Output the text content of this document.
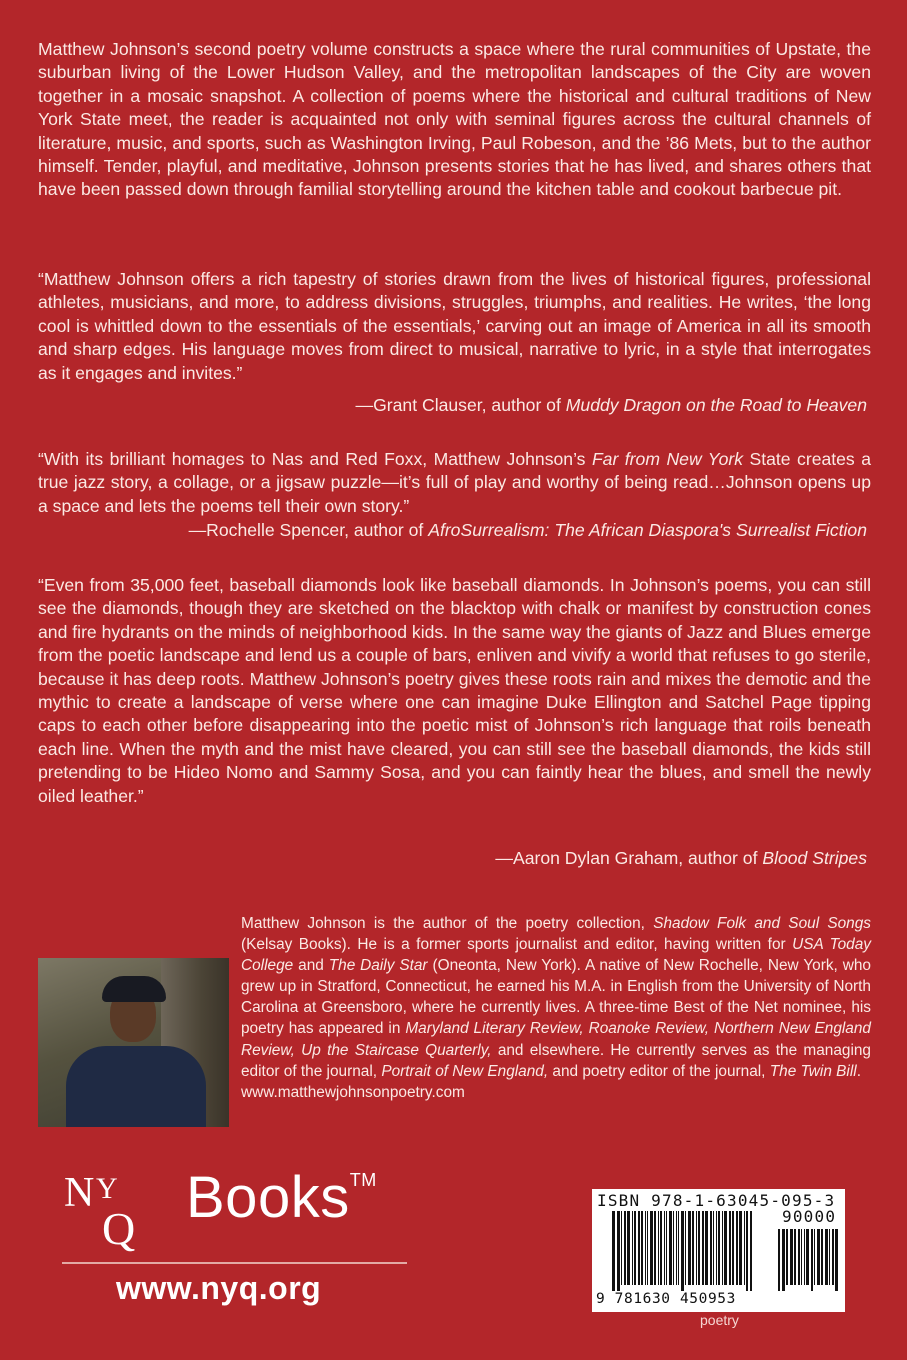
Matthew Johnson’s second poetry volume constructs a space where the rural communities of Upstate, the suburban living of the Lower Hudson Valley, and the metropolitan landscapes of the City are woven together in a mosaic snapshot. A collection of poems where the historical and cultural traditions of New York State meet, the reader is acquainted not only with seminal figures across the cultural channels of literature, music, and sports, such as Washington Irving, Paul Robeson, and the ’86 Mets, but to the author himself. Tender, playful, and meditative, Johnson presents stories that he has lived, and shares others that have been passed down through familial storytelling around the kitchen table and cookout barbecue pit.

“Matthew Johnson offers a rich tapestry of stories drawn from the lives of historical figures, professional athletes, musicians, and more, to address divisions, struggles, triumphs, and realities. He writes, ‘the long cool is whittled down to the essentials of the essentials,’ carving out an image of America in all its smooth and sharp edges. His language moves from direct to musical, narrative to lyric, in a style that interrogates as it engages and invites.”

—Grant Clauser, author of Muddy Dragon on the Road to Heaven

“With its brilliant homages to Nas and Red Foxx, Matthew Johnson’s Far from New York State creates a true jazz story, a collage, or a jigsaw puzzle—it’s full of play and worthy of being read…Johnson opens up a space and lets the poems tell their own story.”

—Rochelle Spencer, author of AfroSurrealism: The African Diaspora's Surrealist Fiction

“Even from 35,000 feet, baseball diamonds look like baseball diamonds. In Johnson’s poems, you can still see the diamonds, though they are sketched on the blacktop with chalk or manifest by construction cones and fire hydrants on the minds of neighborhood kids. In the same way the giants of Jazz and Blues emerge from the poetic landscape and lend us a couple of bars, enliven and vivify a world that refuses to go sterile, because it has deep roots. Matthew Johnson’s poetry gives these roots rain and mixes the demotic and the mythic to create a landscape of verse where one can imagine Duke Ellington and Satchel Page tipping caps to each other before disappearing into the poetic mist of Johnson’s rich language that roils beneath each line. When the myth and the mist have cleared, you can still see the baseball diamonds, the kids still pretending to be Hideo Nomo and Sammy Sosa, and you can faintly hear the blues, and smell the newly oiled leather.”

—Aaron Dylan Graham, author of Blood Stripes

Matthew Johnson is the author of the poetry collection, Shadow Folk and Soul Songs (Kelsay Books). He is a former sports journalist and editor, having written for USA Today College and The Daily Star (Oneonta, New York). A native of New Rochelle, New York, who grew up in Stratford, Connecticut, he earned his M.A. in English from the University of North Carolina at Greensboro, where he currently lives. A three-time Best of the Net nominee, his poetry has appeared in Maryland Literary Review, Roanoke Review, Northern New England Review, Up the Staircase Quarterly, and elsewhere. He currently serves as the managing editor of the journal, Portrait of New England, and poetry editor of the journal, The Twin Bill.
www.matthewjohnsonpoetry.com

N Y
Q Books™
www.nyq.org
ISBN 978-1-63045-095-3
90000
9 781630 450953
poetry
